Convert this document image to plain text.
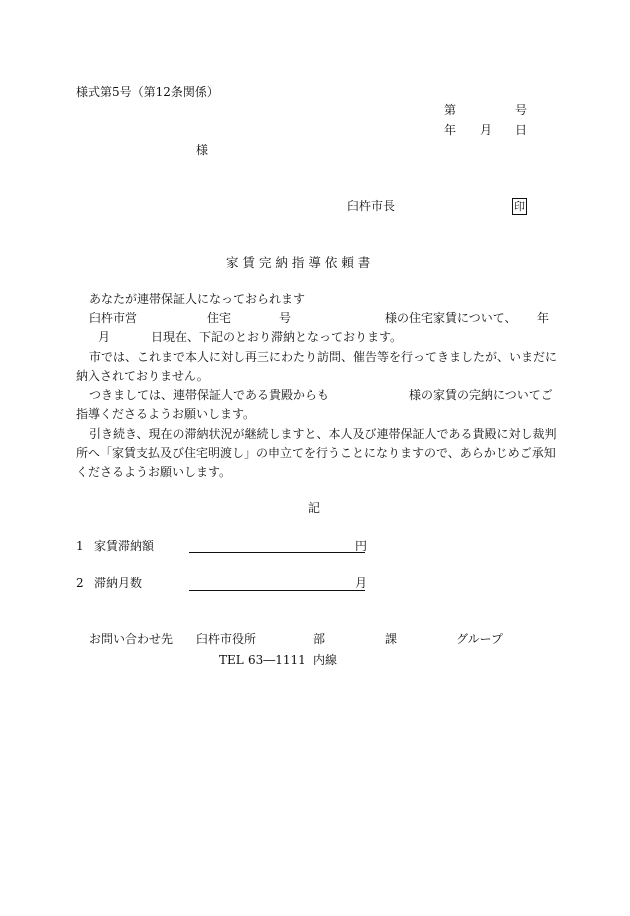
様式第5号（第12条関係）
第	号
年 月 日
様
臼杵市長	印
家 賃 完 納 指 導 依 頼 書
あなたが連帯保証人になっておられます
臼杵市営	住宅	号	様の住宅家賃について、 年
月	日現在、下記のとおり滞納となっております。
市では、これまで本人に対し再三にわたり訪問、催告等を行ってきましたが、いまだに
納入されておりません。
つきましては、連帯保証人である貴殿からも	様の家賃の完納についてご
指導くださるようお願いします。
引き続き、現在の滞納状況が継続しますと、本人及び連帯保証人である貴殿に対し裁判
所へ「家賃支払及び住宅明渡し」の申立てを行うことになりますので、あらかじめご承知
くださるようお願いします。
記
1 家賃滞納額	円
2 滞納月数	月
お問い合わせ先 臼杵市役所	部	課	グループ
TEL 63―1111 内線
